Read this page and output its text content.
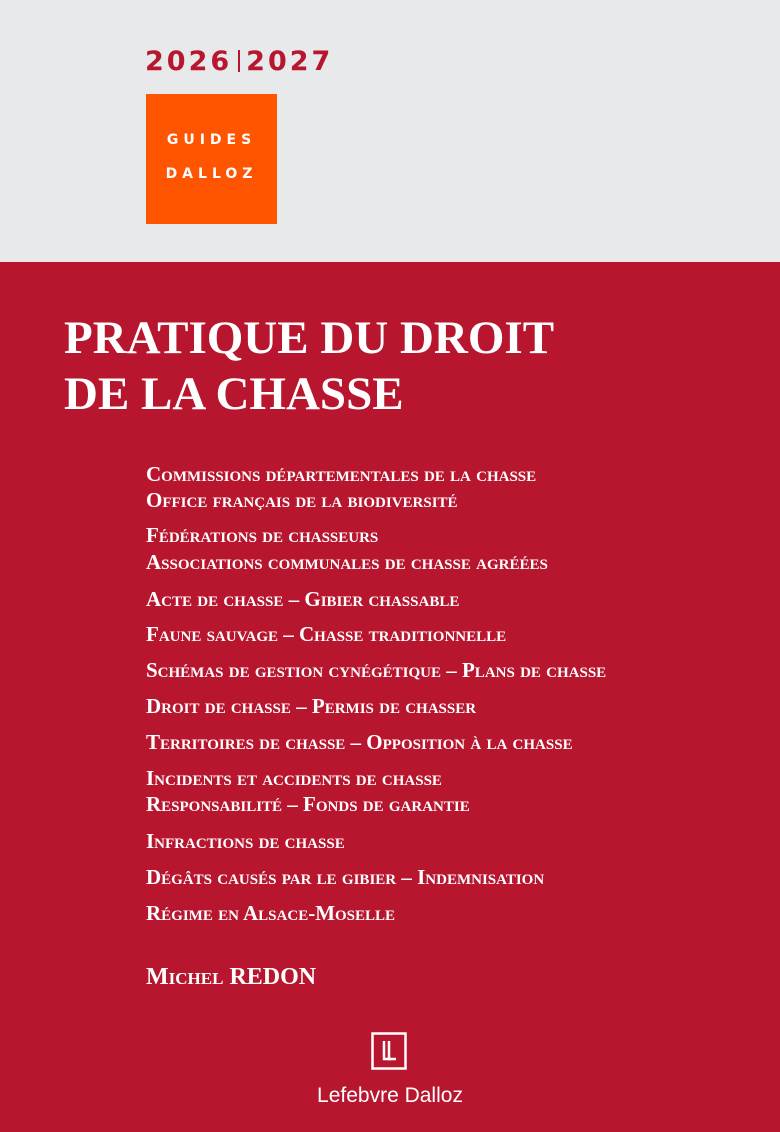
2026 2027
GUIDES
DALLOZ
PRATIQUE DU DROIT
DE LA CHASSE
Commissions départementales de la chasse
Office français de la biodiversité
Fédérations de chasseurs
Associations communales de chasse agréées
Acte de chasse – Gibier chassable
Faune sauvage – Chasse traditionnelle
Schémas de gestion cynégétique – Plans de chasse
Droit de chasse – Permis de chasser
Territoires de chasse – Opposition à la chasse
Incidents et accidents de chasse
Responsabilité – Fonds de garantie
Infractions de chasse
Dégâts causés par le gibier – Indemnisation
Régime en Alsace-Moselle
Michel REDON
Lefebvre Dalloz
